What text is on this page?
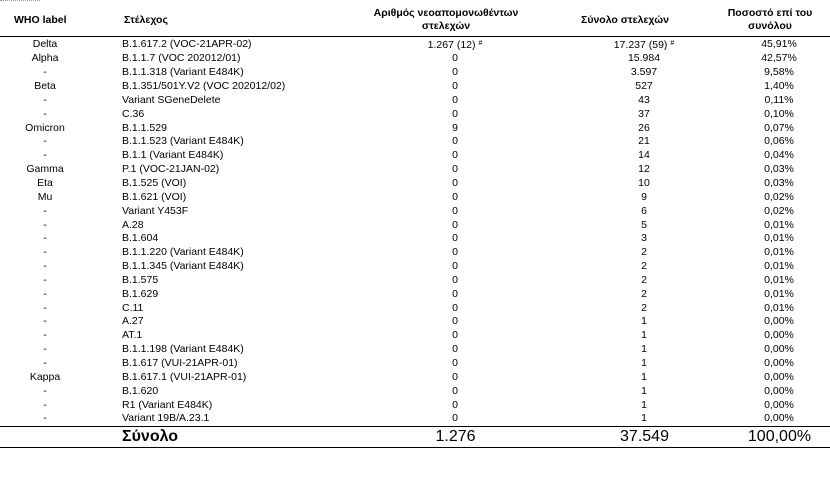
WHO label	Στέλεχος	Αριθμός νεοαπομονωθέντων στελεχών	Σύνολο στελεχών	Ποσοστό επί του συνόλου
Delta	B.1.617.2 (VOC-21APR-02)	1.267 (12) #	17.237 (59) #	45,91%
Alpha	B.1.1.7 (VOC 202012/01)	0	15.984	42,57%
-	B.1.1.318 (Variant E484K)	0	3.597	9,58%
Beta	B.1.351/501Y.V2 (VOC 202012/02)	0	527	1,40%
-	Variant SGeneDelete	0	43	0,11%
-	C.36	0	37	0,10%
Omicron	B.1.1.529	9	26	0,07%
-	B.1.1.523 (Variant E484K)	0	21	0,06%
-	B.1.1 (Variant E484K)	0	14	0,04%
Gamma	P.1 (VOC-21JAN-02)	0	12	0,03%
Eta	B.1.525 (VOI)	0	10	0,03%
Mu	B.1.621 (VOI)	0	9	0,02%
-	Variant Y453F	0	6	0,02%
-	A.28	0	5	0,01%
-	B.1.604	0	3	0,01%
-	B.1.1.220 (Variant E484K)	0	2	0,01%
-	B.1.1.345 (Variant E484K)	0	2	0,01%
-	B.1.575	0	2	0,01%
-	B.1.629	0	2	0,01%
-	C.11	0	2	0,01%
-	A.27	0	1	0,00%
-	AT.1	0	1	0,00%
-	B.1.1.198 (Variant E484K)	0	1	0,00%
-	B.1.617 (VUI-21APR-01)	0	1	0,00%
Kappa	B.1.617.1 (VUI-21APR-01)	0	1	0,00%
-	B.1.620	0	1	0,00%
-	R1 (Variant E484K)	0	1	0,00%
-	Variant 19B/A.23.1	0	1	0,00%
	Σύνολο	1.276	37.549	100,00%
